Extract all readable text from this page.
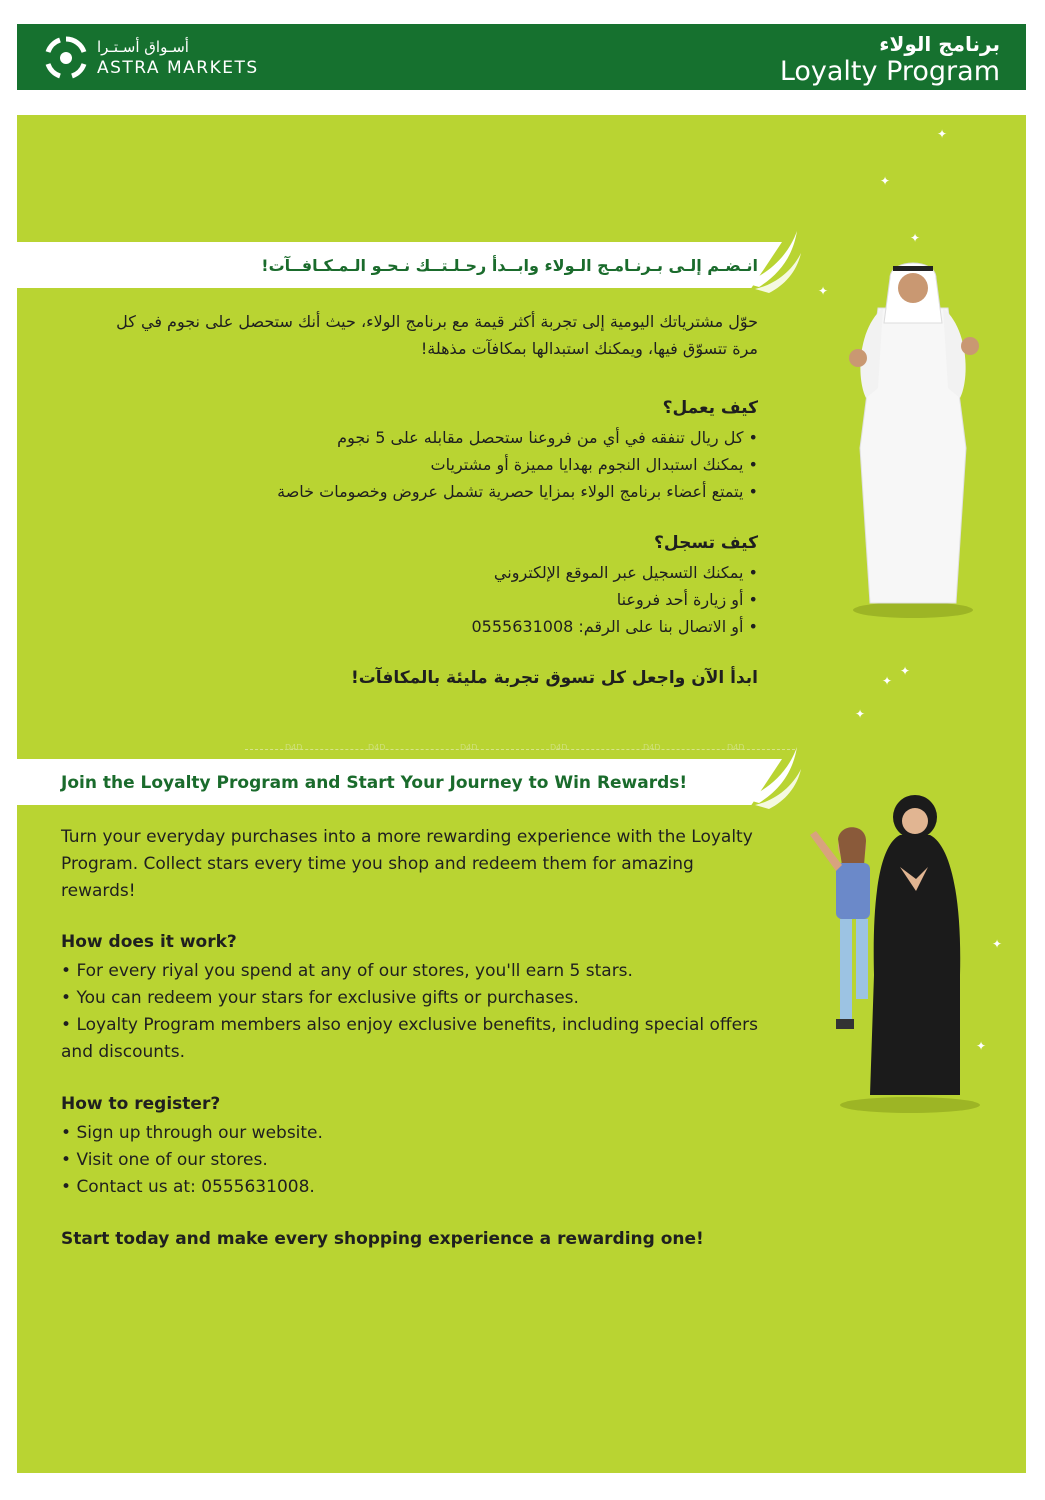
أسـواق أسـتـرا
ASTRA MARKETS
برنامج الولاء
Loyalty Program
✦
✦
✦
✦
✦
✦
✦
✦
✦
انـضـم إلـى بـرنـامـج الـولاء وابــدأ رحـلـتــك نـحـو الـمـكـافــآت!
حوّل مشترياتك اليومية إلى تجربة أكثر قيمة مع برنامج الولاء، حيث أنك ستحصل على نجوم في كل مرة تتسوّق فيها، ويمكنك استبدالها بمكافآت مذهلة!
كيف يعمل؟
• كل ريال تنفقه في أي من فروعنا ستحصل مقابله على 5 نجوم
• يمكنك استبدال النجوم بهدايا مميزة أو مشتريات
• يتمتع أعضاء برنامج الولاء بمزايا حصرية تشمل عروض وخصومات خاصة
كيف تسجل؟
• يمكنك التسجيل عبر الموقع الإلكتروني
• أو زيارة أحد فروعنا
• أو الاتصال بنا على الرقم: 0555631008
ابدأ الآن واجعل كل تسوق تجربة مليئة بالمكافآت!
D4D	D4D	D4D	D4D	D4D	D4D
Join the Loyalty Program and Start Your Journey to Win Rewards!
Turn your everyday purchases into a more rewarding experience with the Loyalty Program. Collect stars every time you shop and redeem them for amazing rewards!
How does it work?
• For every riyal you spend at any of our stores, you'll earn 5 stars.
• You can redeem your stars for exclusive gifts or purchases.
• Loyalty Program members also enjoy exclusive benefits, including special offers and discounts.
How to register?
• Sign up through our website.
• Visit one of our stores.
• Contact us at: 0555631008.
Start today and make every shopping experience a rewarding one!
